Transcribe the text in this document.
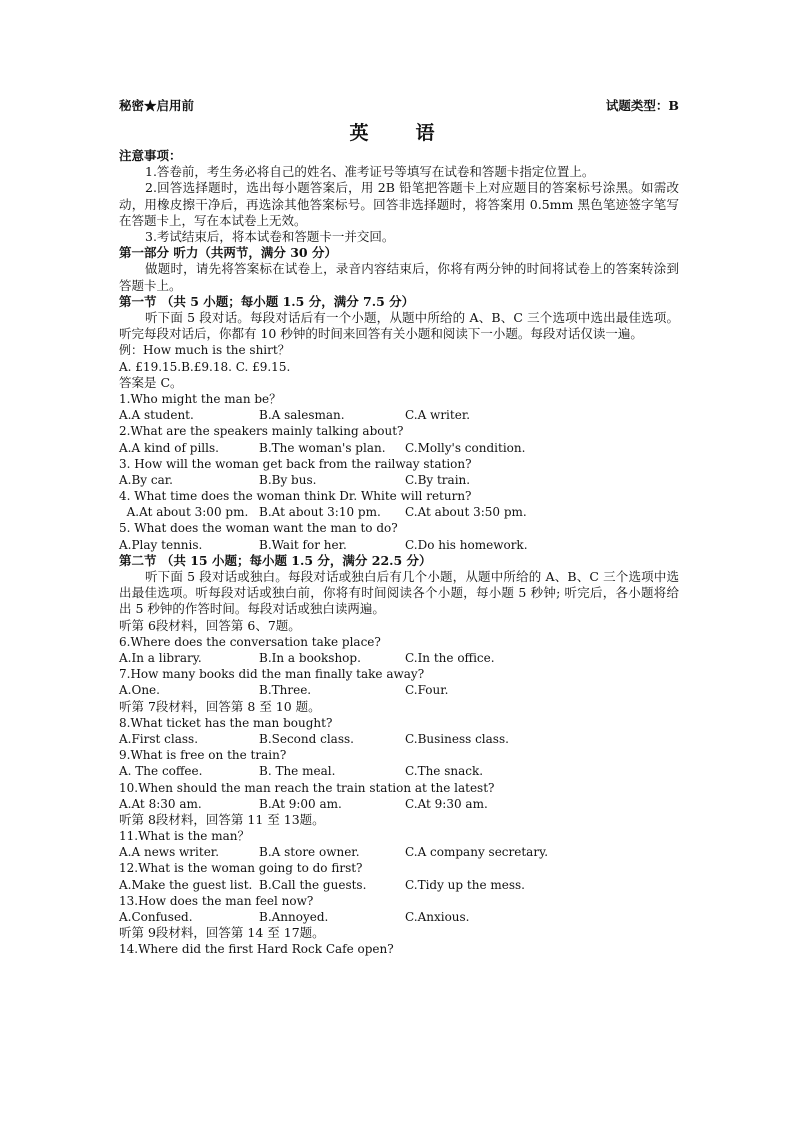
秘密★启用前	试题类型：B
英　语
注意事项：
1.答卷前，考生务必将自己的姓名、准考证号等填写在试卷和答题卡指定位置上。
2.回答选择题时，选出每小题答案后，用 2B 铅笔把答题卡上对应题目的答案标号涂黑。如需改动，用橡皮擦干净后，再选涂其他答案标号。回答非选择题时，将答案用 0.5mm 黑色笔迹签字笔写在答题卡上，写在本试卷上无效。
3.考试结束后，将本试卷和答题卡一并交回。
第一部分 听力（共两节，满分 30 分）
做题时，请先将答案标在试卷上，录音内容结束后，你将有两分钟的时间将试卷上的答案转涂到答题卡上。
第一节 （共 5 小题；每小题 1.5 分，满分 7.5 分）
听下面 5 段对话。每段对话后有一个小题，从题中所给的 A、B、C 三个选项中选出最佳选项。听完每段对话后，你都有 10 秒钟的时间来回答有关小题和阅读下一小题。每段对话仅读一遍。
例：How much is the shirt？
A. £19.15.B.£9.18. C. £9.15.
答案是 C。
1.Who might the man be？
A.A student.	B.A salesman.	C.A writer.
2.What are the speakers mainly talking about?
A.A kind of pills.	B.The woman's plan.	C.Molly's condition.
3. How will the woman get back from the railway station?
A.By car.	B.By bus.	C.By train.
4. What time does the woman think Dr. White will return?
A.At about 3:00 pm. B.At about 3:10 pm.	C.At about 3:50 pm.
5. What does the woman want the man to do?
A.Play tennis.	B.Wait for her.	C.Do his homework.
第二节 （共 15 小题；每小题 1.5 分，满分 22.5 分）
听下面 5 段对话或独白。每段对话或独白后有几个小题，从题中所给的 A、B、C 三个选项中选出最佳选项。听每段对话或独白前，你将有时间阅读各个小题，每小题 5 秒钟; 听完后，各小题将给出 5 秒钟的作答时间。每段对话或独白读两遍。
听第 6段材料，回答第 6、7题。
6.Where does the conversation take place?
A.In a library.	B.In a bookshop.	C.In the office.
7.How many books did the man finally take away?
A.One.	B.Three.	C.Four.
听第 7段材料，回答第 8 至 10 题。
8.What ticket has the man bought?
A.First class.	B.Second class.	C.Business class.
9.What is free on the train?
A. The coffee.	B. The meal.	C.The snack.
10.When should the man reach the train station at the latest?
A.At 8:30 am.	B.At 9:00 am.	C.At 9:30 am.
听第 8段材料，回答第 11 至 13题。
11.What is the man？
A.A news writer.	B.A store owner.	C.A company secretary.
12.What is the woman going to do first?
A.Make the guest list. B.Call the guests.	C.Tidy up the mess.
13.How does the man feel now?
A.Confused.	B.Annoyed.	C.Anxious.
听第 9段材料，回答第 14 至 17题。
14.Where did the first Hard Rock Cafe open?
